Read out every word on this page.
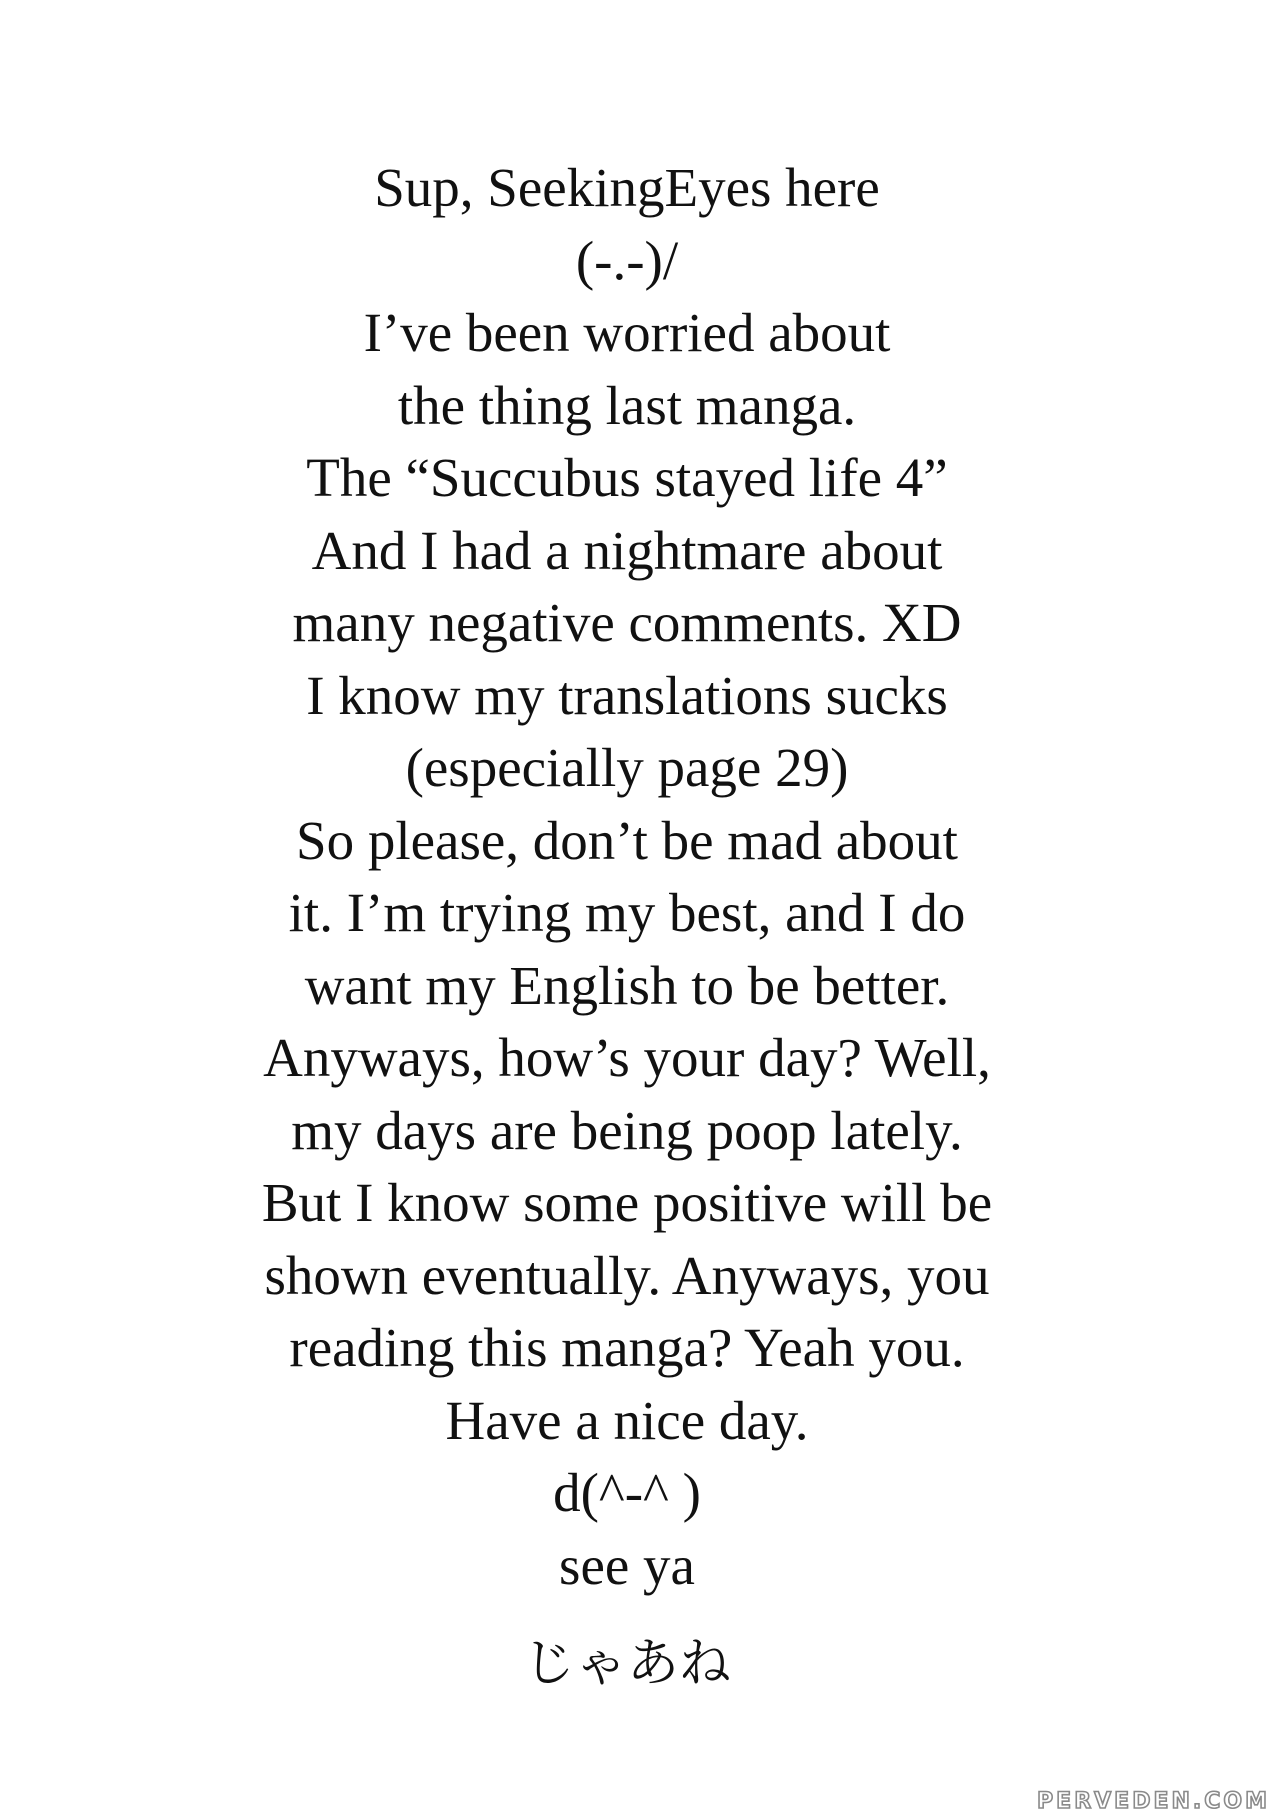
Sup, SeekingEyes here
(-.-)/
I’ve been worried about
the thing last manga.
The “Succubus stayed life 4”
And I had a nightmare about
many negative comments. XD
I know my translations sucks
(especially page 29)
So please, don’t be mad about
it. I’m trying my best, and I do
want my English to be better.
Anyways, how’s your day? Well,
my days are being poop lately.
But I know some positive will be
shown eventually. Anyways, you
reading this manga? Yeah you.
Have a nice day.
d(^-^ )
see ya
じゃあね
PERVEDEN.COM
